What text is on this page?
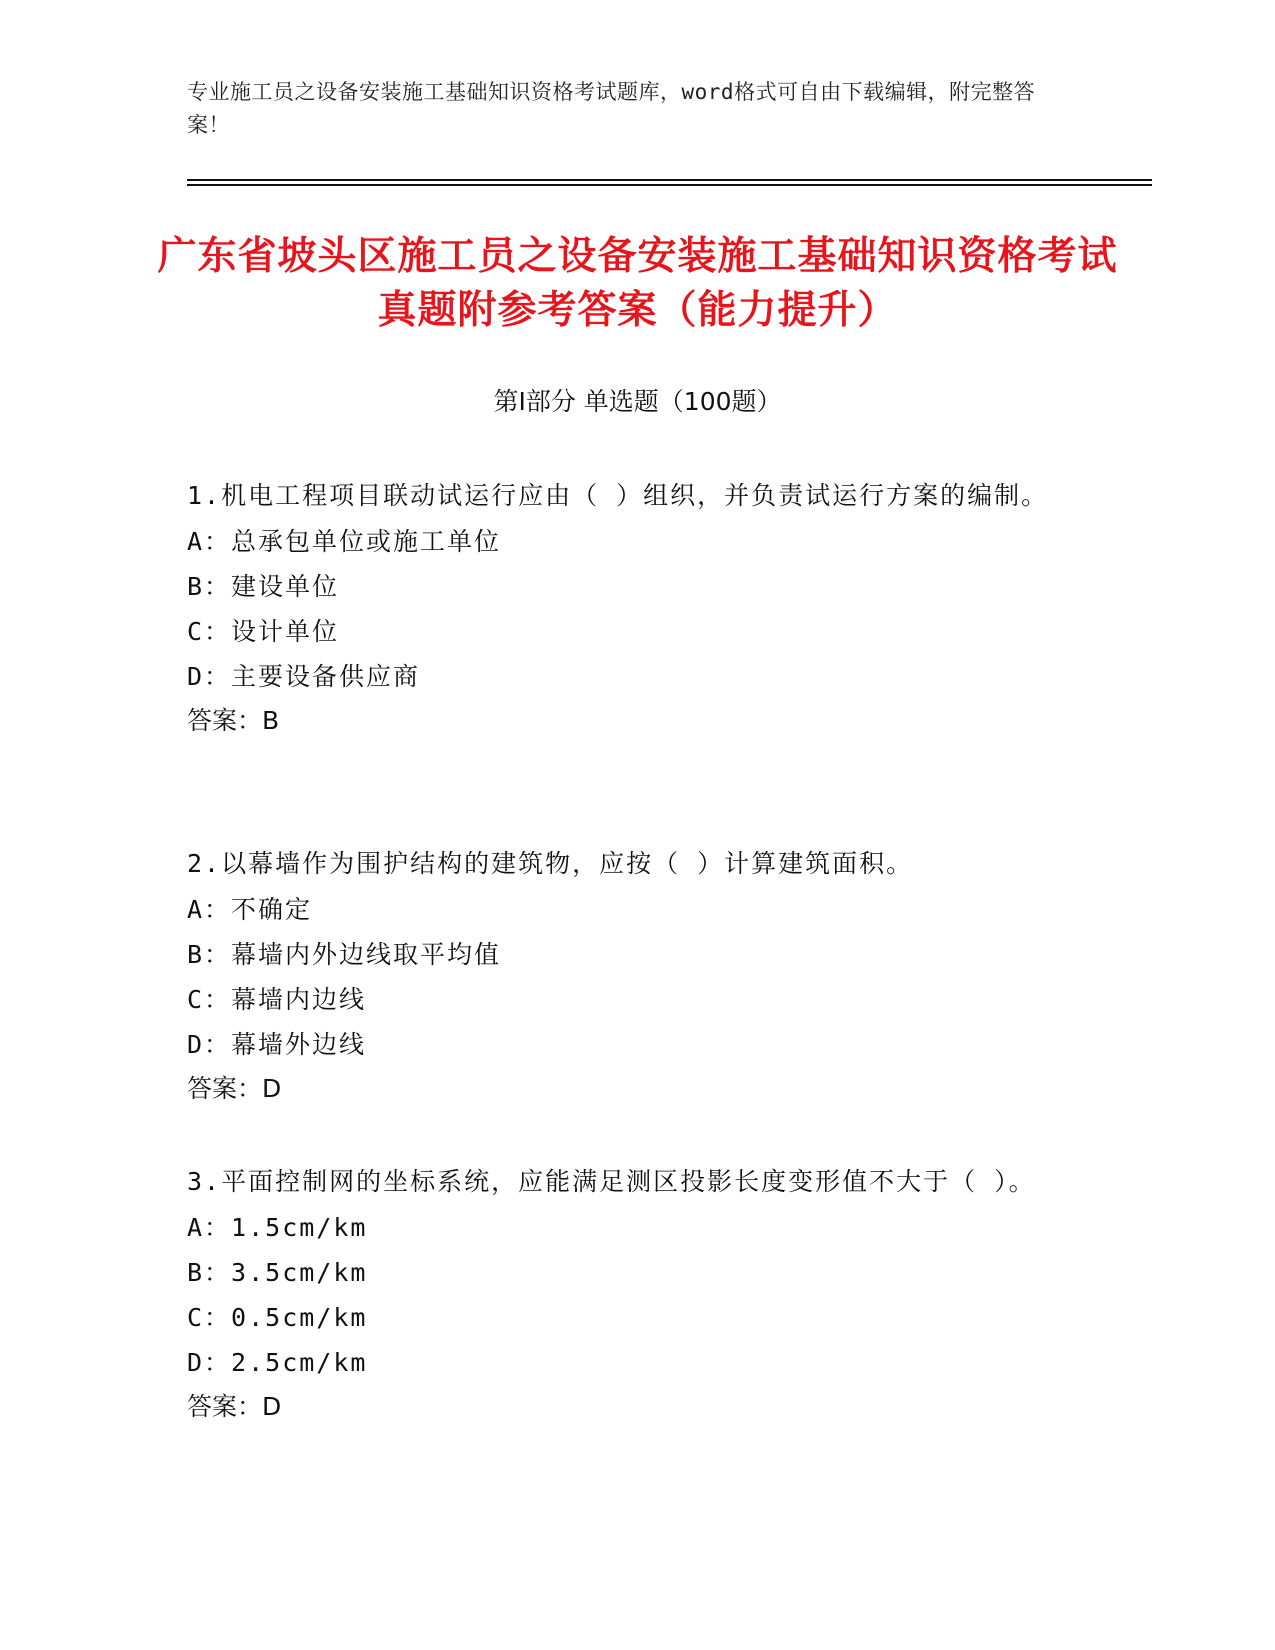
专业施工员之设备安装施工基础知识资格考试题库，word格式可自由下载编辑，附完整答案！
广东省坡头区施工员之设备安装施工基础知识资格考试真题附参考答案（能力提升）
第I部分 单选题（100题）

1.机电工程项目联动试运行应由（ ）组织，并负责试运行方案的编制。

A：总承包单位或施工单位
B：建设单位
C：设计单位
D：主要设备供应商
答案：B

2.以幕墙作为围护结构的建筑物，应按（ ）计算建筑面积。

A：不确定
B：幕墙内外边线取平均值
C：幕墙内边线
D：幕墙外边线
答案：D

3.平面控制网的坐标系统，应能满足测区投影长度变形值不大于（ ）。

A：1.5cm/km
B：3.5cm/km
C：0.5cm/km
D：2.5cm/km
答案：D
